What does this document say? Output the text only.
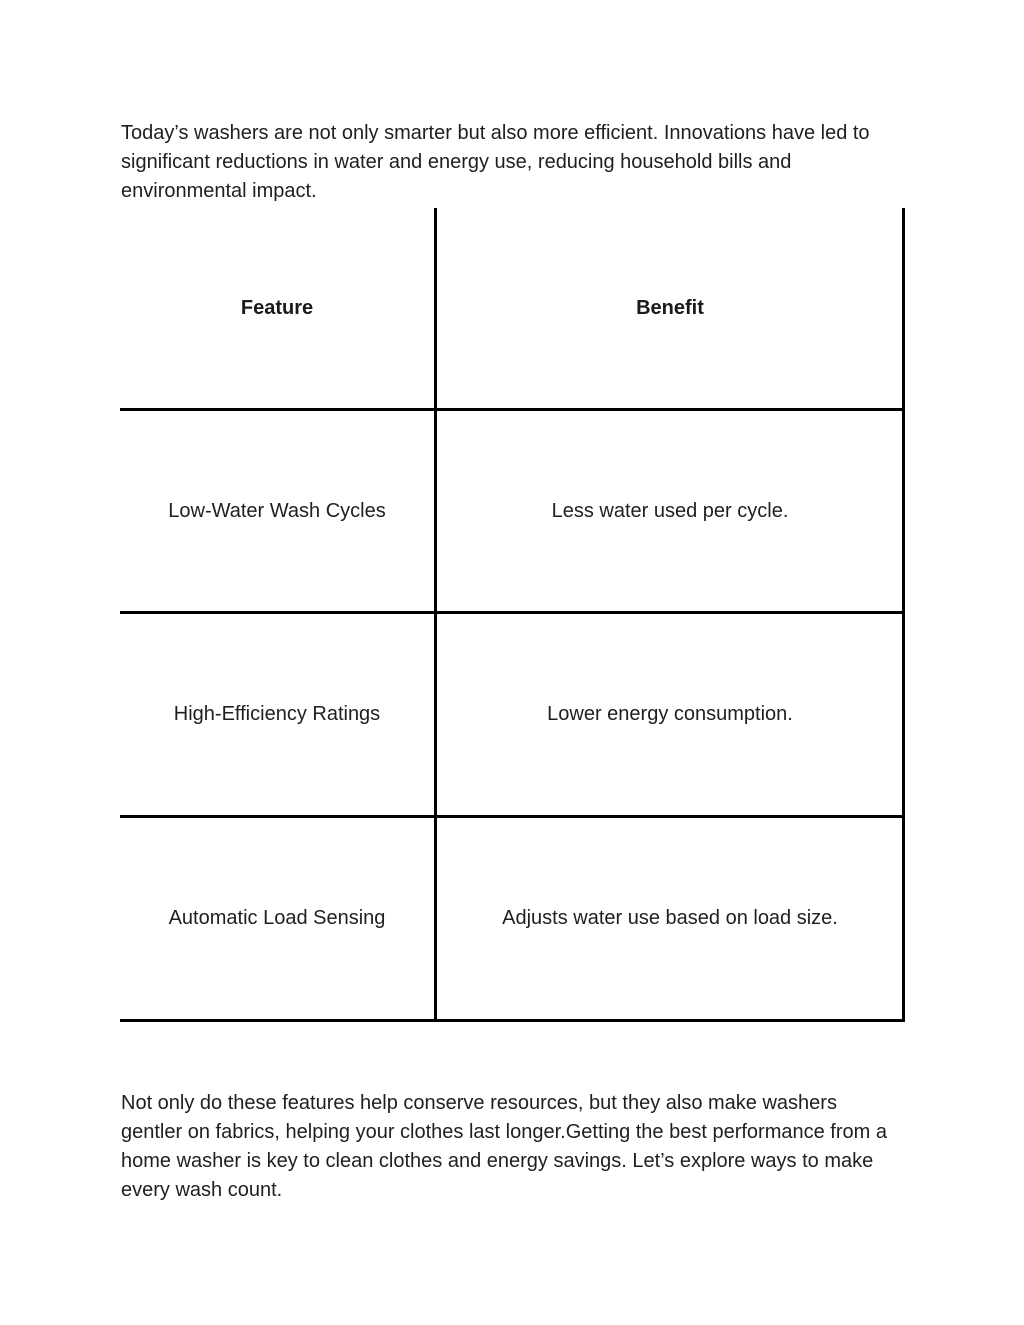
Today’s washers are not only smarter but also more efficient. Innovations have led to significant reductions in water and energy use, reducing household bills and environmental impact.

Feature	Benefit
Low-Water Wash Cycles	Less water used per cycle.
High-Efficiency Ratings	Lower energy consumption.
Automatic Load Sensing	Adjusts water use based on load size.

Not only do these features help conserve resources, but they also make washers gentler on fabrics, helping your clothes last longer.Getting the best performance from a home washer is key to clean clothes and energy savings. Let’s explore ways to make every wash count.
